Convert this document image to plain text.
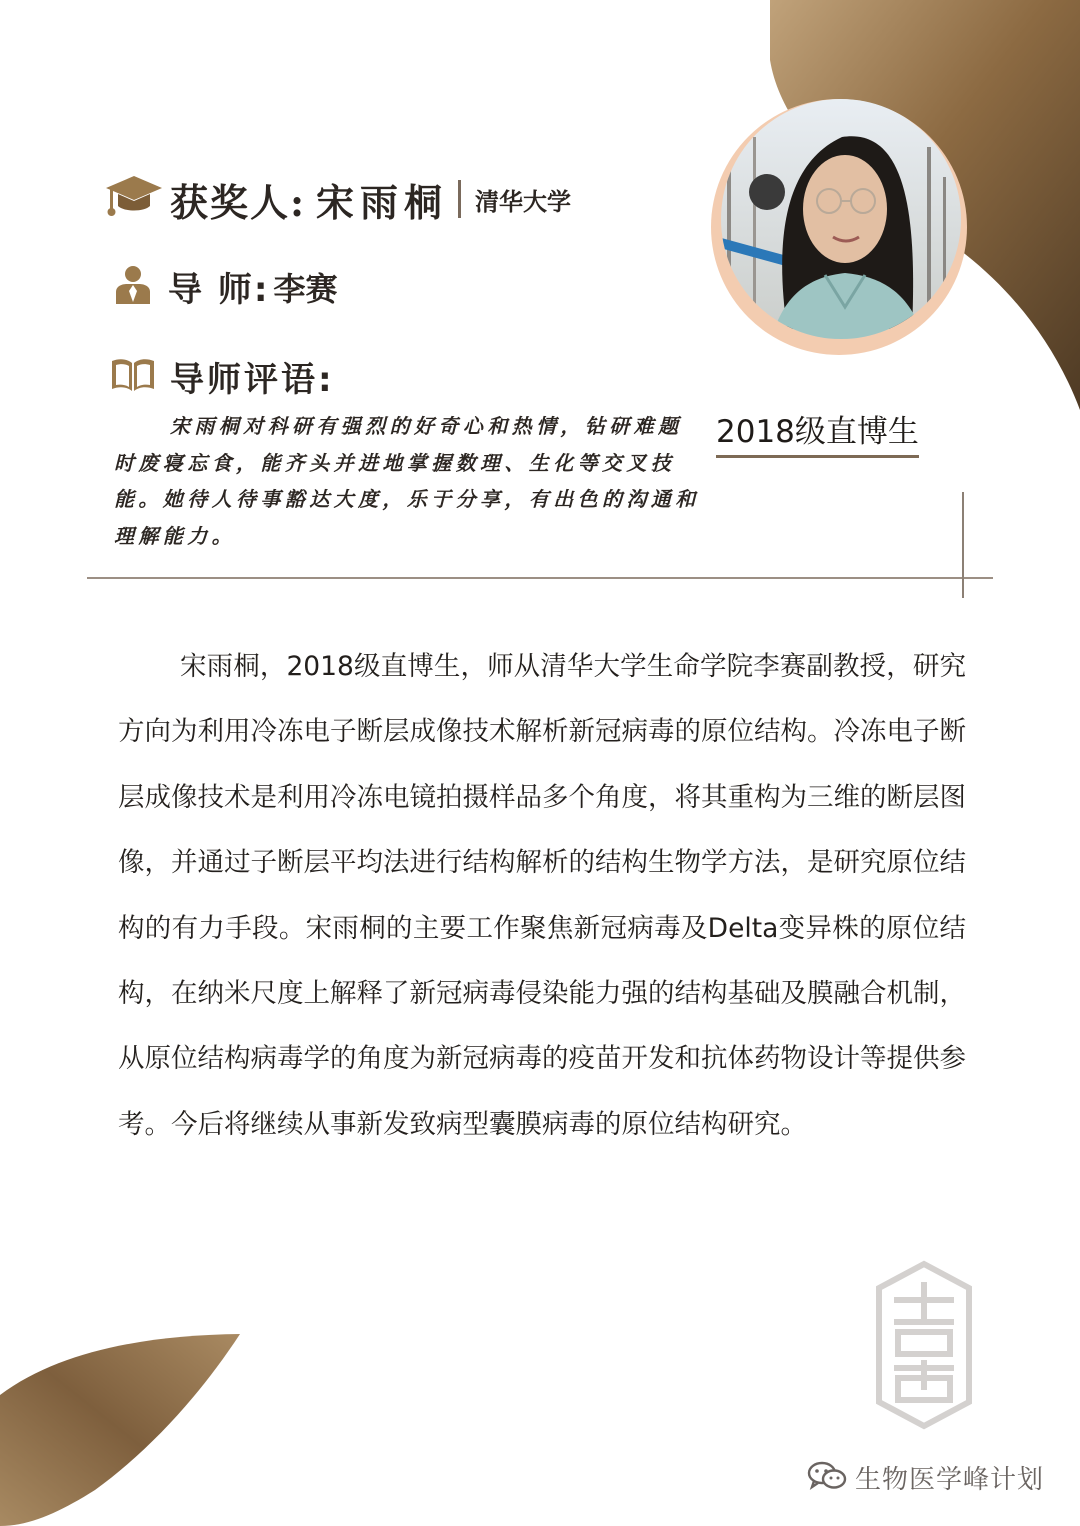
获奖人: 宋雨桐 清华大学
导 师: 李赛
导师评语:
宋雨桐对科研有强烈的好奇心和热情，钻研难题时废寝忘食，能齐头并进地掌握数理、生化等交叉技能。她待人待事豁达大度，乐于分享，有出色的沟通和理解能力。
2018级直博生
宋雨桐，2018级直博生，师从清华大学生命学院李赛副教授，研究方向为利用冷冻电子断层成像技术解析新冠病毒的原位结构。冷冻电子断层成像技术是利用冷冻电镜拍摄样品多个角度，将其重构为三维的断层图像，并通过子断层平均法进行结构解析的结构生物学方法，是研究原位结构的有力手段。宋雨桐的主要工作聚焦新冠病毒及Delta变异株的原位结构，在纳米尺度上解释了新冠病毒侵染能力强的结构基础及膜融合机制，从原位结构病毒学的角度为新冠病毒的疫苗开发和抗体药物设计等提供参考。今后将继续从事新发致病型囊膜病毒的原位结构研究。
生物医学峰计划
